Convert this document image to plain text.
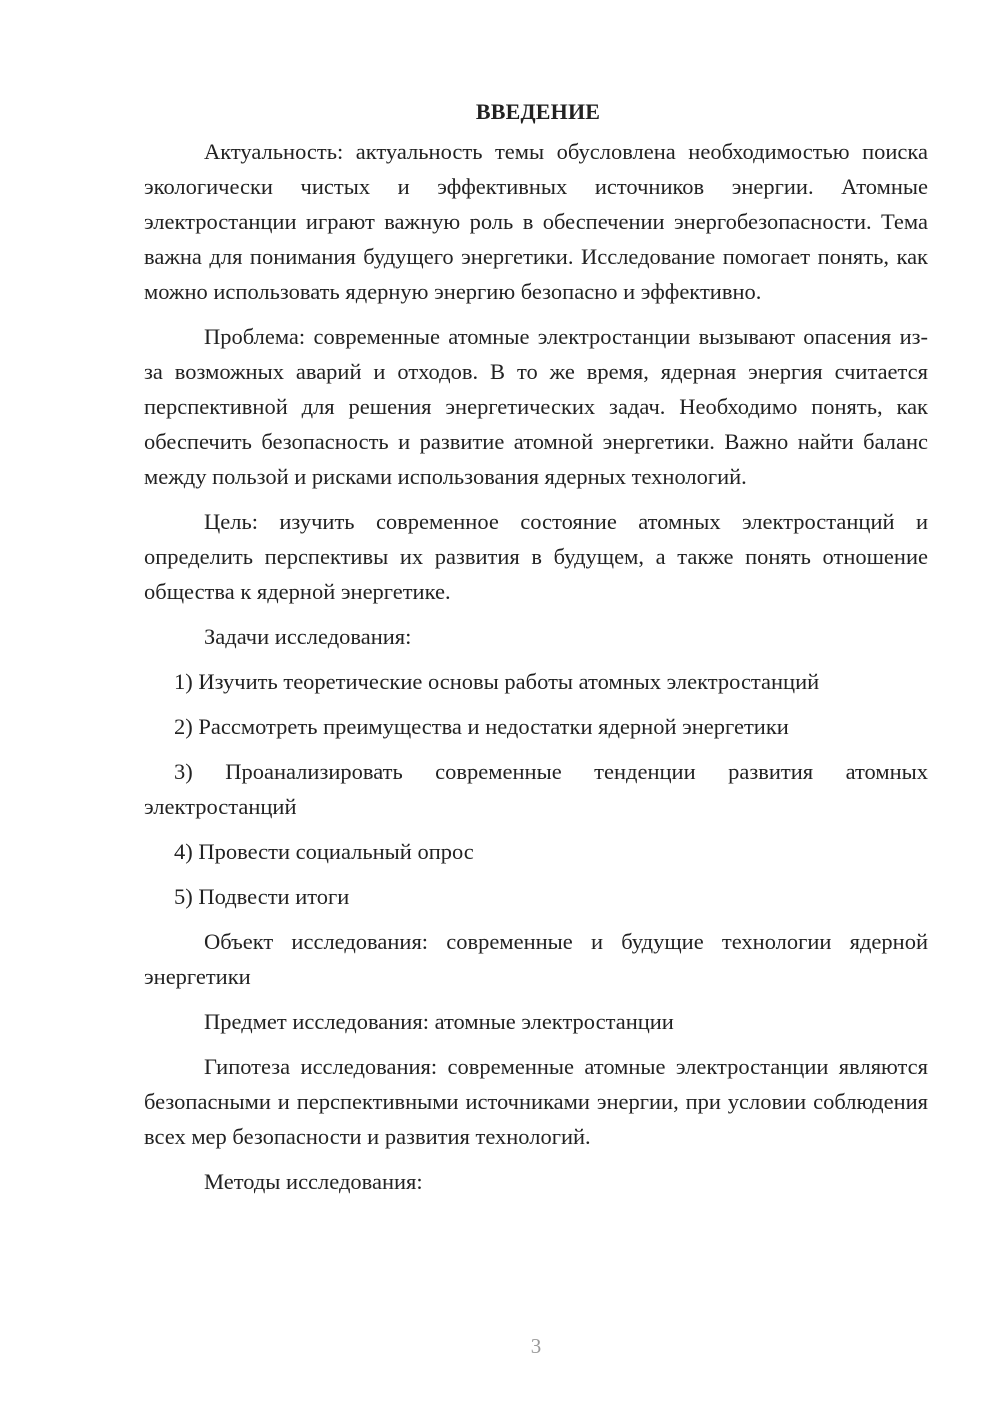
ВВЕДЕНИЕ

Актуальность: актуальность темы обусловлена необходимостью поиска экологически чистых и эффективных источников энергии. Атомные электростанции играют важную роль в обеспечении энергобезопасности. Тема важна для понимания будущего энергетики. Исследование помогает понять, как можно использовать ядерную энергию безопасно и эффективно.

Проблема: современные атомные электростанции вызывают опасения из-за возможных аварий и отходов. В то же время, ядерная энергия считается перспективной для решения энергетических задач. Необходимо понять, как обеспечить безопасность и развитие атомной энергетики. Важно найти баланс между пользой и рисками использования ядерных технологий.

Цель: изучить современное состояние атомных электростанций и определить перспективы их развития в будущем, а также понять отношение общества к ядерной энергетике.

Задачи исследования:

1) Изучить теоретические основы работы атомных электростанций

2) Рассмотреть преимущества и недостатки ядерной энергетики

3) Проанализировать современные тенденции развития атомных электростанций

4) Провести социальный опрос

5) Подвести итоги

Объект исследования: современные и будущие технологии ядерной энергетики

Предмет исследования: атомные электростанции

Гипотеза исследования: современные атомные электростанции являются безопасными и перспективными источниками энергии, при условии соблюдения всех мер безопасности и развития технологий.

Методы исследования:

3
